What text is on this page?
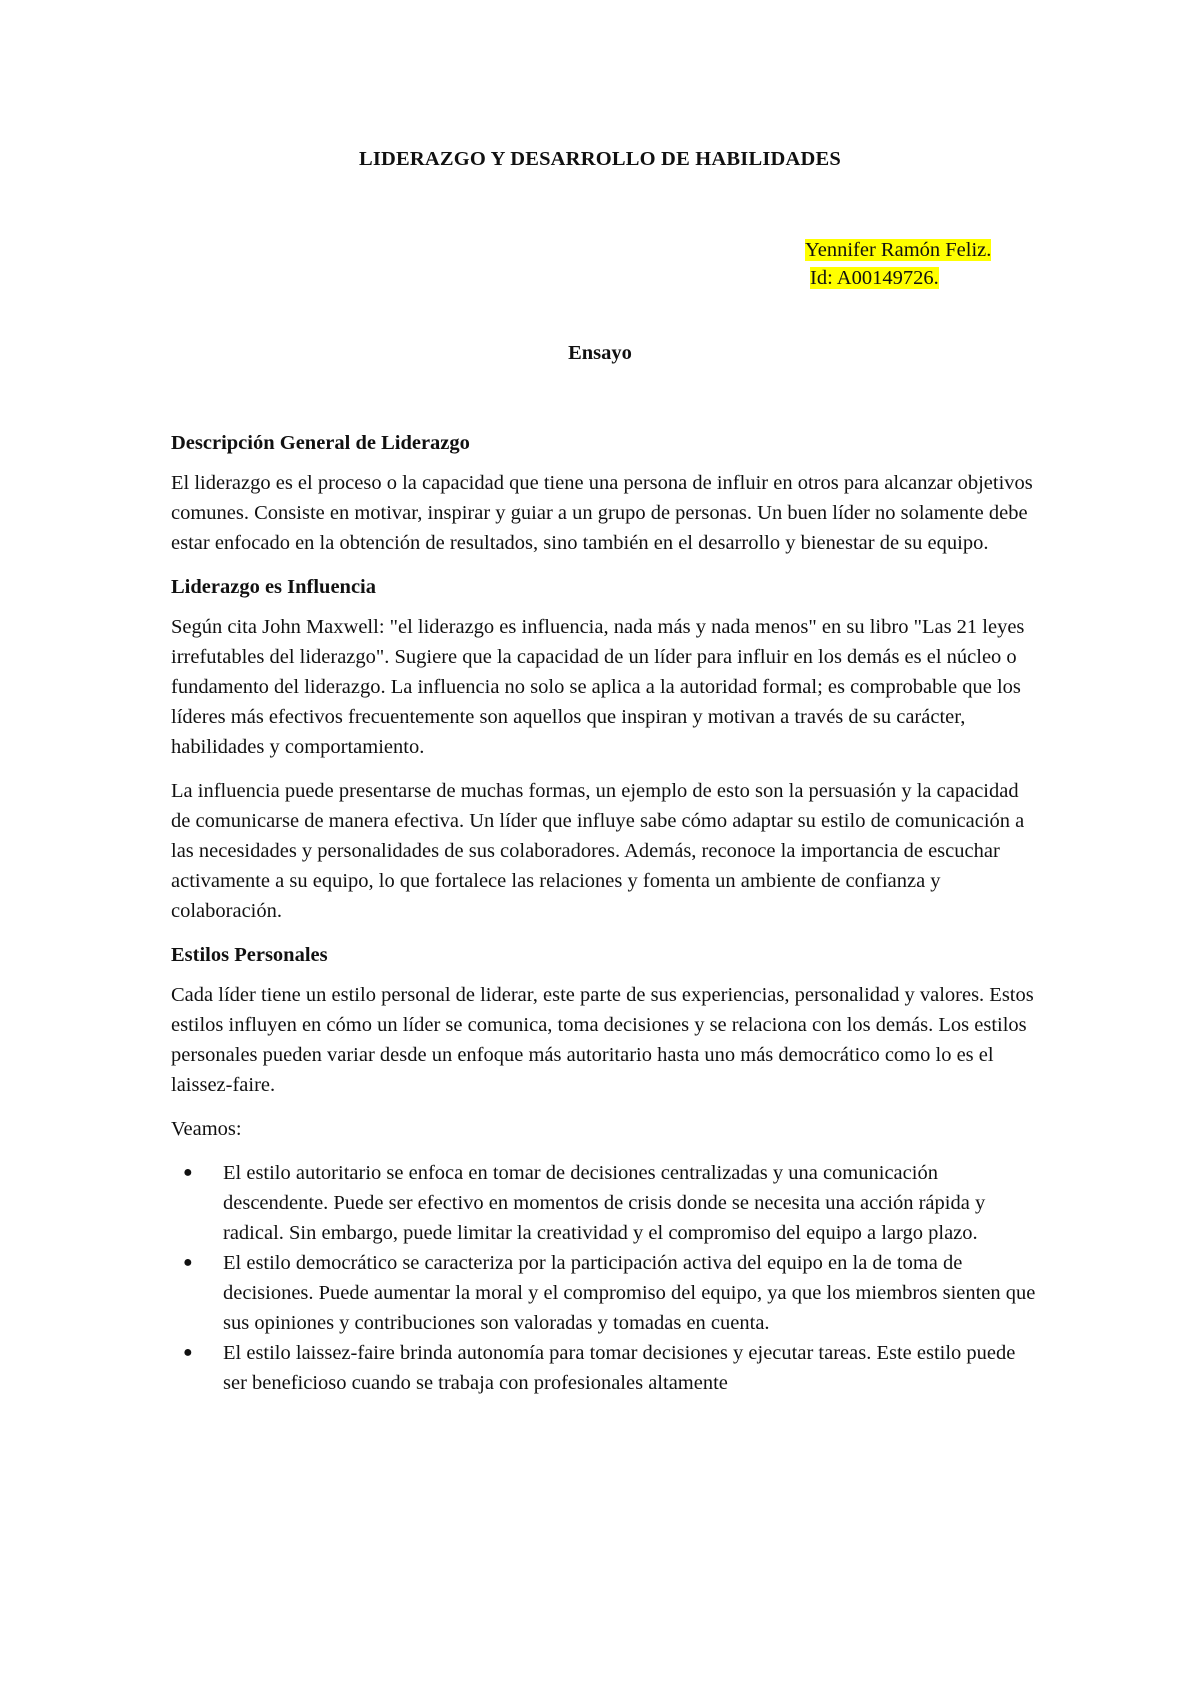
LIDERAZGO Y DESARROLLO DE HABILIDADES
Yennifer Ramón Feliz.
Id: A00149726.
Ensayo

Descripción General de Liderazgo

El liderazgo es el proceso o la capacidad que tiene una persona de influir en otros para alcanzar objetivos comunes. Consiste en motivar, inspirar y guiar a un grupo de personas. Un buen líder no solamente debe estar enfocado en la obtención de resultados, sino también en el desarrollo y bienestar de su equipo.

Liderazgo es Influencia

Según cita John Maxwell: "el liderazgo es influencia, nada más y nada menos" en su libro "Las 21 leyes irrefutables del liderazgo". Sugiere que la capacidad de un líder para influir en los demás es el núcleo o fundamento del liderazgo. La influencia no solo se aplica a la autoridad formal; es comprobable que los líderes más efectivos frecuentemente son aquellos que inspiran y motivan a través de su carácter, habilidades y comportamiento.

La influencia puede presentarse de muchas formas, un ejemplo de esto son la persuasión y la capacidad de comunicarse de manera efectiva. Un líder que influye sabe cómo adaptar su estilo de comunicación a las necesidades y personalidades de sus colaboradores. Además, reconoce la importancia de escuchar activamente a su equipo, lo que fortalece las relaciones y fomenta un ambiente de confianza y colaboración.

Estilos Personales

Cada líder tiene un estilo personal de liderar, este parte de sus experiencias, personalidad y valores. Estos estilos influyen en cómo un líder se comunica, toma decisiones y se relaciona con los demás. Los estilos personales pueden variar desde un enfoque más autoritario hasta uno más democrático como lo es el laissez-faire.

Veamos:

● El estilo autoritario se enfoca en tomar de decisiones centralizadas y una comunicación descendente. Puede ser efectivo en momentos de crisis donde se necesita una acción rápida y radical. Sin embargo, puede limitar la creatividad y el compromiso del equipo a largo plazo.
● El estilo democrático se caracteriza por la participación activa del equipo en la de toma de decisiones. Puede aumentar la moral y el compromiso del equipo, ya que los miembros sienten que sus opiniones y contribuciones son valoradas y tomadas en cuenta.
● El estilo laissez-faire brinda autonomía para tomar decisiones y ejecutar tareas. Este estilo puede ser beneficioso cuando se trabaja con profesionales altamente
